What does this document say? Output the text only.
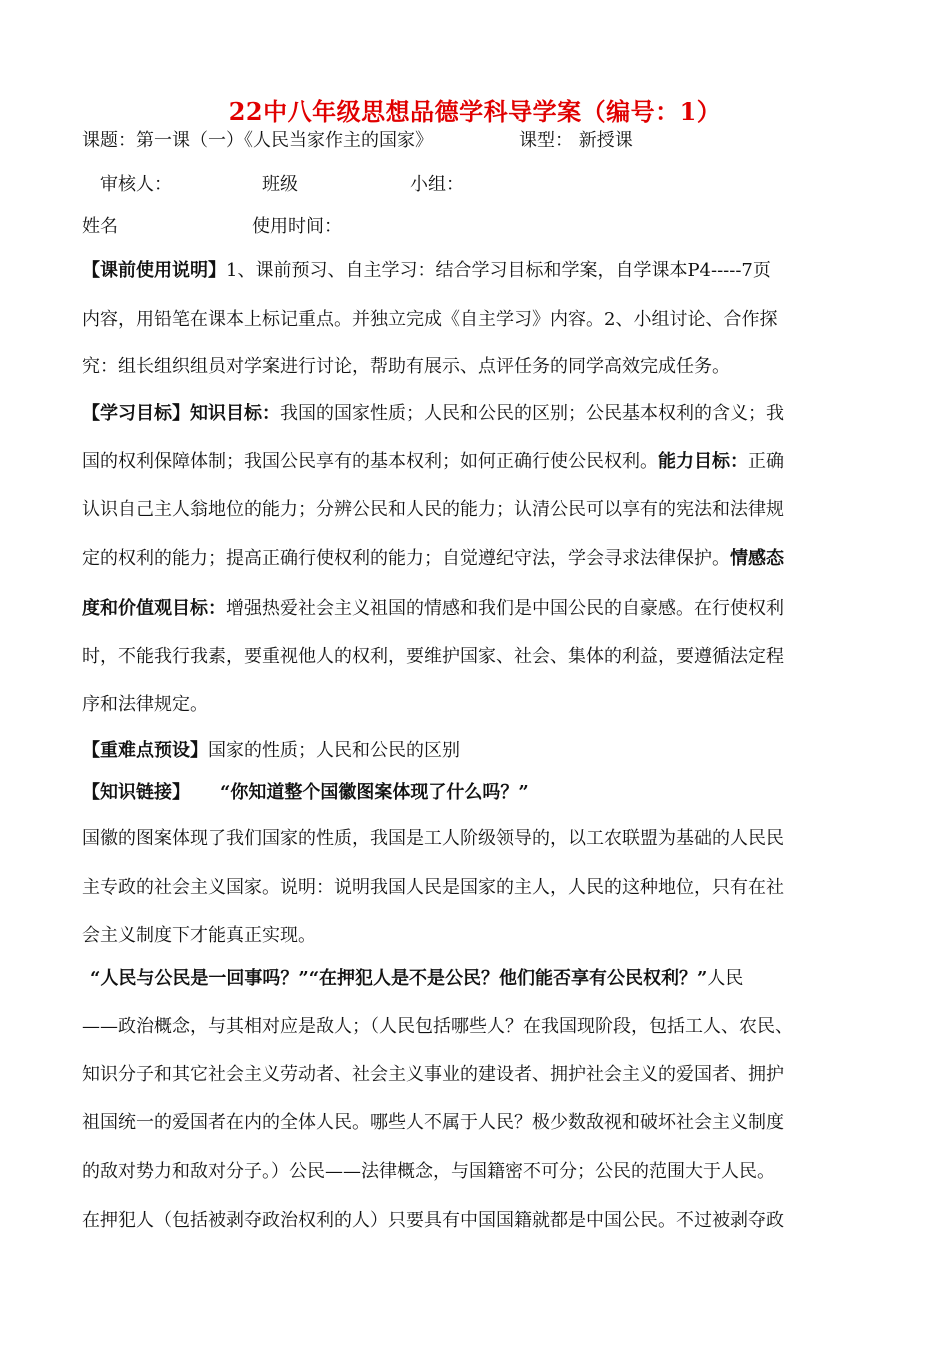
22中八年级思想品德学科导学案（编号：1）
课题：第一课（一）《人民当家作主的国家》	课型： 新授课
审核人：	班级	小组：
姓名	使用时间：
【课前使用说明】1、课前预习、自主学习：结合学习目标和学案，自学课本P4-----7页
内容，用铅笔在课本上标记重点。并独立完成《自主学习》内容。2、小组讨论、合作探
究：组长组织组员对学案进行讨论，帮助有展示、点评任务的同学高效完成任务。
【学习目标】知识目标：我国的国家性质；人民和公民的区别；公民基本权利的含义；我
国的权利保障体制；我国公民享有的基本权利；如何正确行使公民权利。能力目标：正确
认识自己主人翁地位的能力；分辨公民和人民的能力；认清公民可以享有的宪法和法律规
定的权利的能力；提高正确行使权利的能力；自觉遵纪守法，学会寻求法律保护。情感态
度和价值观目标：增强热爱社会主义祖国的情感和我们是中国公民的自豪感。在行使权利
时，不能我行我素，要重视他人的权利，要维护国家、社会、集体的利益，要遵循法定程
序和法律规定。
【重难点预设】国家的性质；人民和公民的区别
【知识链接】 “你知道整个国徽图案体现了什么吗？”
国徽的图案体现了我们国家的性质，我国是工人阶级领导的，以工农联盟为基础的人民民
主专政的社会主义国家。说明：说明我国人民是国家的主人，人民的这种地位，只有在社
会主义制度下才能真正实现。
“人民与公民是一回事吗？”“在押犯人是不是公民？他们能否享有公民权利？”人民
——政治概念，与其相对应是敌人；（人民包括哪些人？在我国现阶段，包括工人、农民、
知识分子和其它社会主义劳动者、社会主义事业的建设者、拥护社会主义的爱国者、拥护
祖国统一的爱国者在内的全体人民。哪些人不属于人民？极少数敌视和破坏社会主义制度
的敌对势力和敌对分子。）公民——法律概念，与国籍密不可分；公民的范围大于人民。
在押犯人（包括被剥夺政治权利的人）只要具有中国国籍就都是中国公民。不过被剥夺政
